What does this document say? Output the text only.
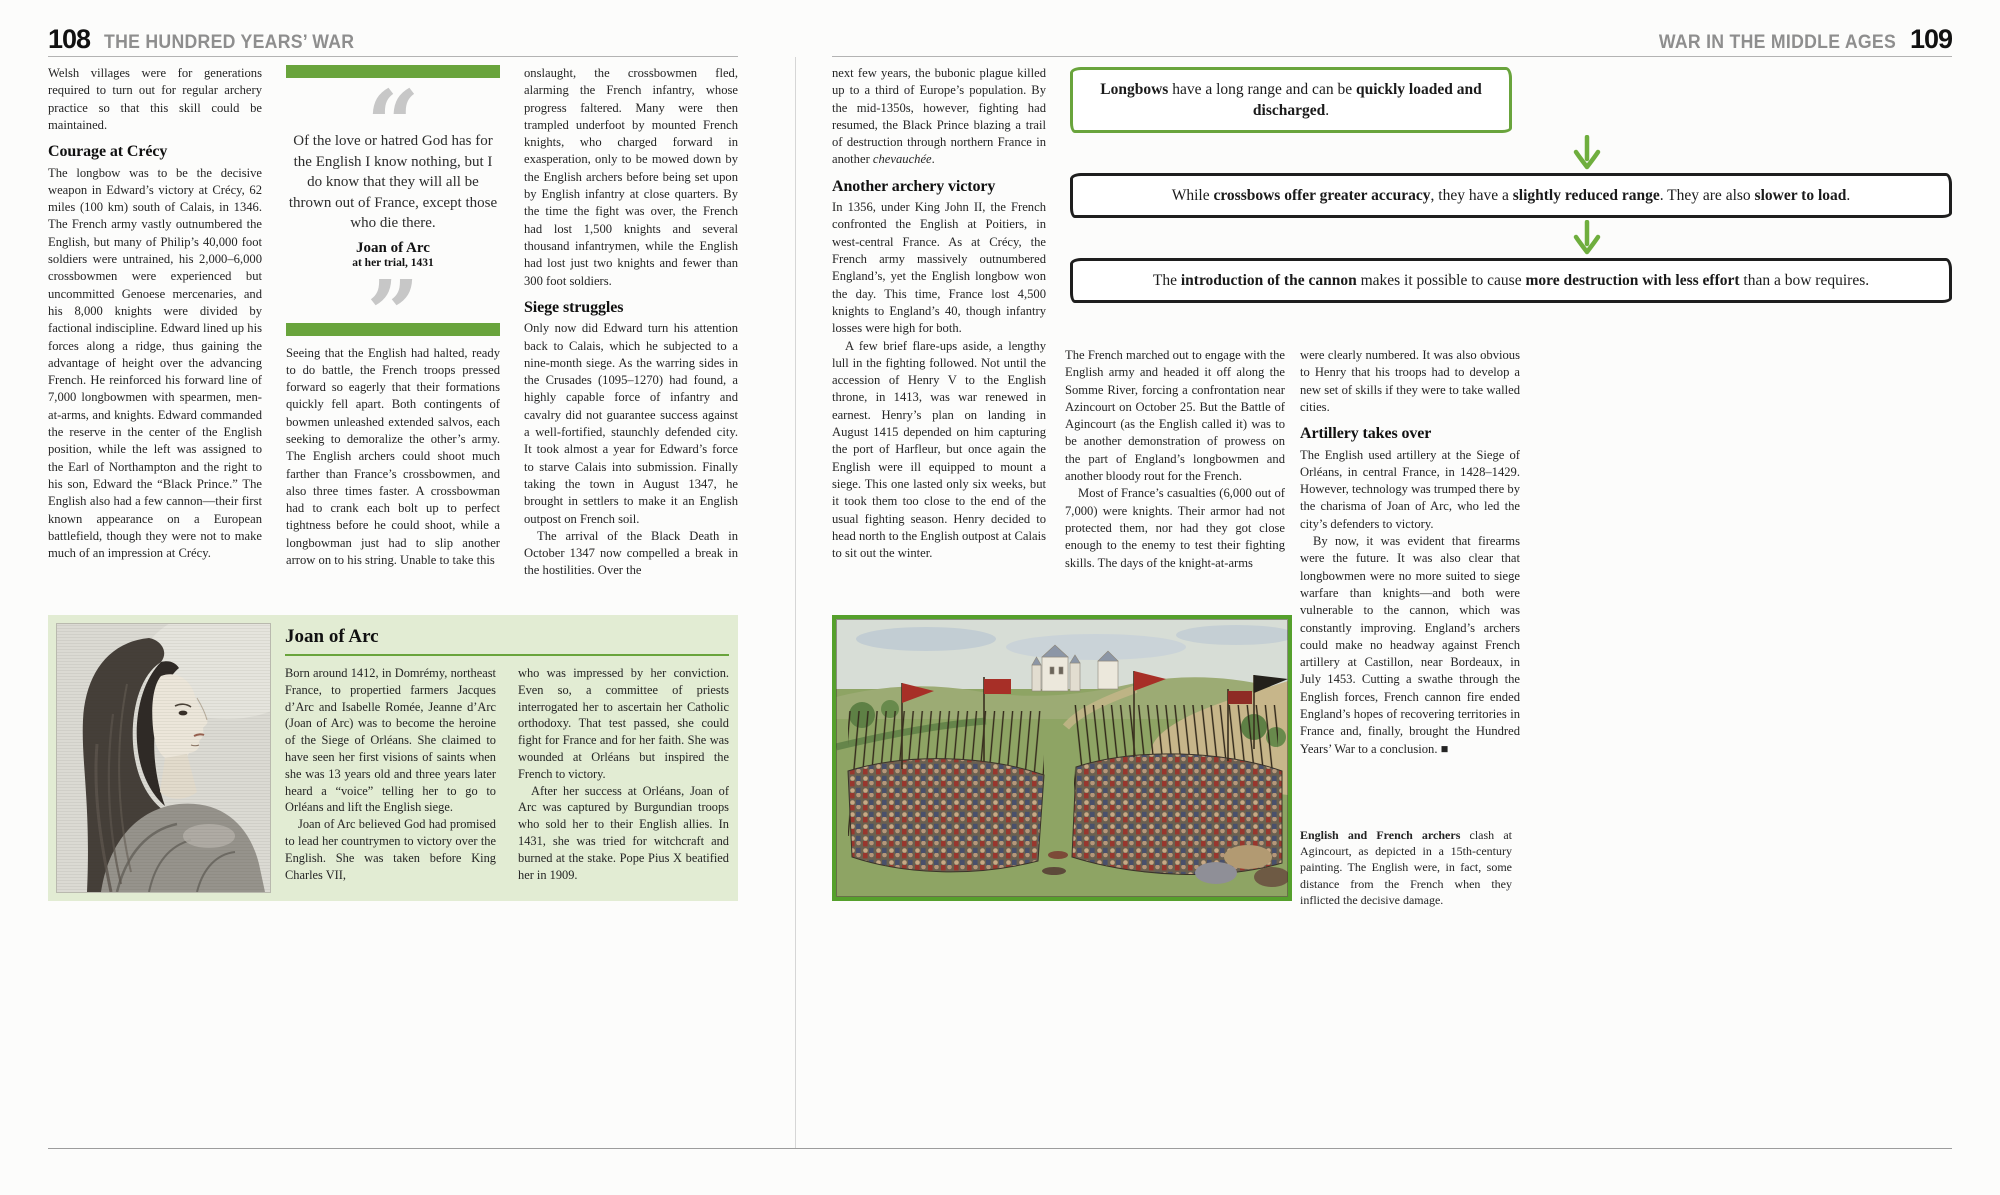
108 THE HUNDRED YEARS’ WAR

Welsh villages were for generations required to turn out for regular archery practice so that this skill could be maintained.

Courage at Crécy

The longbow was to be the decisive weapon in Edward’s victory at Crécy, 62 miles (100 km) south of Calais, in 1346. The French army vastly outnumbered the English, but many of Philip’s 40,000 foot soldiers were untrained, his 2,000–6,000 crossbowmen were experienced but uncommitted Genoese mercenaries, and his 8,000 knights were divided by factional indiscipline. Edward lined up his forces along a ridge, thus gaining the advantage of height over the advancing French. He reinforced his forward line of 7,000 longbowmen with spearmen, men-at-arms, and knights. Edward commanded the reserve in the center of the English position, while the left was assigned to the Earl of Northampton and the right to his son, Edward the “Black Prince.” The English also had a few cannon—their first known appearance on a European battlefield, though they were not to make much of an impression at Crécy.

Of the love or hatred God has for the English I know nothing, but I do know that they will all be thrown out of France, except those who die there.
Joan of Arc
at her trial, 1431

Seeing that the English had halted, ready to do battle, the French troops pressed forward so eagerly that their formations quickly fell apart. Both contingents of bowmen unleashed extended salvos, each seeking to demoralize the other’s army. The English archers could shoot much farther than France’s crossbowmen, and also three times faster. A crossbowman had to crank each bolt up to perfect tightness before he could shoot, while a longbowman just had to slip another arrow on to his string. Unable to take this

onslaught, the crossbowmen fled, alarming the French infantry, whose progress faltered. Many were then trampled underfoot by mounted French knights, who charged forward in exasperation, only to be mowed down by the English archers before being set upon by English infantry at close quarters. By the time the fight was over, the French had lost 1,500 knights and several thousand infantrymen, while the English had lost just two knights and fewer than 300 foot soldiers.

Siege struggles

Only now did Edward turn his attention back to Calais, which he subjected to a nine-month siege. As the warring sides in the Crusades (1095–1270) had found, a highly capable force of infantry and cavalry did not guarantee success against a well-fortified, staunchly defended city. It took almost a year for Edward’s force to starve Calais into submission. Finally taking the town in August 1347, he brought in settlers to make it an English outpost on French soil.

The arrival of the Black Death in October 1347 now compelled a break in the hostilities. Over the

Joan of Arc

Born around 1412, in Domrémy, northeast France, to propertied farmers Jacques d’Arc and Isabelle Romée, Jeanne d’Arc (Joan of Arc) was to become the heroine of the Siege of Orléans. She claimed to have seen her first visions of saints when she was 13 years old and three years later heard a “voice” telling her to go to Orléans and lift the English siege.

Joan of Arc believed God had promised to lead her countrymen to victory over the English. She was taken before King Charles VII,

who was impressed by her conviction. Even so, a committee of priests interrogated her to ascertain her Catholic orthodoxy. That test passed, she could fight for France and for her faith. She was wounded at Orléans but inspired the French to victory.

After her success at Orléans, Joan of Arc was captured by Burgundian troops who sold her to their English allies. In 1431, she was tried for witchcraft and burned at the stake. Pope Pius X beatified her in 1909.

WAR IN THE MIDDLE AGES 109

next few years, the bubonic plague killed up to a third of Europe’s population. By the mid-1350s, however, fighting had resumed, the Black Prince blazing a trail of destruction through northern France in another chevauchée.

Another archery victory

In 1356, under King John II, the French confronted the English at Poitiers, in west-central France. As at Crécy, the French army massively outnumbered England’s, yet the English longbow won the day. This time, France lost 4,500 knights to England’s 40, though infantry losses were high for both.

A few brief flare-ups aside, a lengthy lull in the fighting followed. Not until the accession of Henry V to the English throne, in 1413, was war renewed in earnest. Henry’s plan on landing in August 1415 depended on him capturing the port of Harfleur, but once again the English were ill equipped to mount a siege. This one lasted only six weeks, but it took them too close to the end of the usual fighting season. Henry decided to head north to the English outpost at Calais to sit out the winter.

Longbows have a long range and can be quickly loaded and discharged.
While crossbows offer greater accuracy, they have a slightly reduced range. They are also slower to load.
The introduction of the cannon makes it possible to cause more destruction with less effort than a bow requires.

The French marched out to engage with the English army and headed it off along the Somme River, forcing a confrontation near Azincourt on October 25. But the Battle of Agincourt (as the English called it) was to be another demonstration of prowess on the part of England’s longbowmen and another bloody rout for the French.

Most of France’s casualties (6,000 out of 7,000) were knights. Their armor had not protected them, nor had they got close enough to the enemy to test their fighting skills. The days of the knight-at-arms

were clearly numbered. It was also obvious to Henry that his troops had to develop a new set of skills if they were to take walled cities.

Artillery takes over

The English used artillery at the Siege of Orléans, in central France, in 1428–1429. However, technology was trumped there by the charisma of Joan of Arc, who led the city’s defenders to victory.

By now, it was evident that firearms were the future. It was also clear that longbowmen were no more suited to siege warfare than knights—and both were vulnerable to the cannon, which was constantly improving. England’s archers could make no headway against French artillery at Castillon, near Bordeaux, in July 1453. Cutting a swathe through the English forces, French cannon fire ended England’s hopes of recovering territories in France and, finally, brought the Hundred Years’ War to a conclusion. ■

English and French archers clash at Agincourt, as depicted in a 15th-century painting. The English were, in fact, some distance from the French when they inflicted the decisive damage.
